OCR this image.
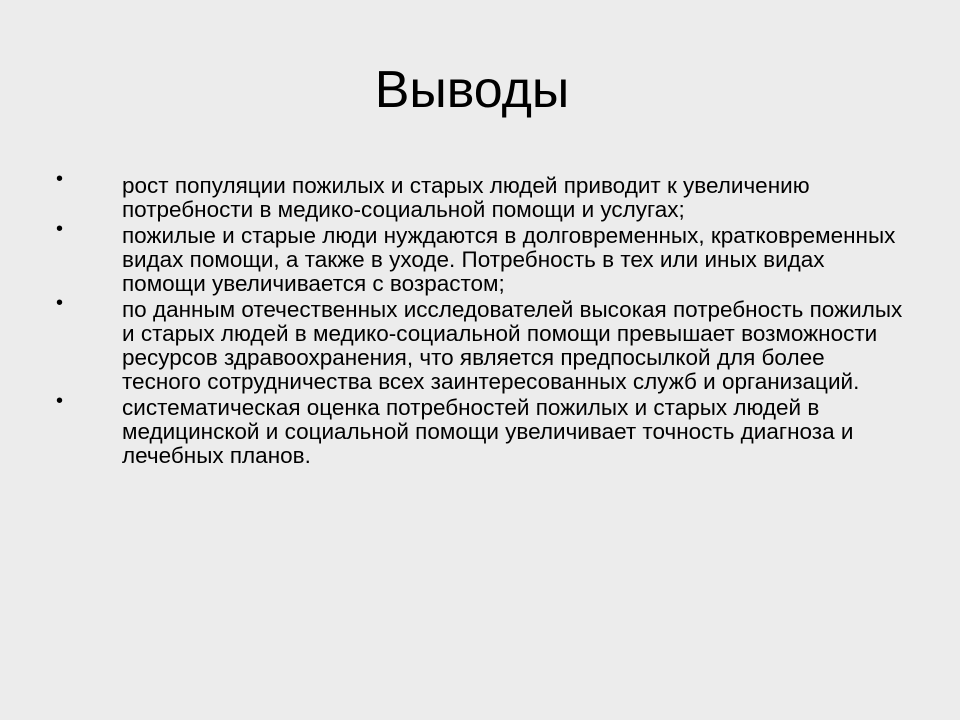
Выводы
•	рост популяции пожилых и старых людей приводит к увеличению потребности в медико-социальной помощи и услугах;
•	пожилые и старые люди нуждаются в долговременных, кратковременных видах помощи, а также в уходе. Потребность в тех или иных видах помощи увеличивается с возрастом;
•	по данным отечественных исследователей высокая потребность пожилых и старых людей в медико-социальной помощи превышает возможности ресурсов здравоохранения, что является предпосылкой для более тесного сотрудничества всех заинтересованных служб и организаций.
•	систематическая оценка потребностей пожилых и старых людей в медицинской и социальной помощи увеличивает точность диагноза и лечебных планов.
